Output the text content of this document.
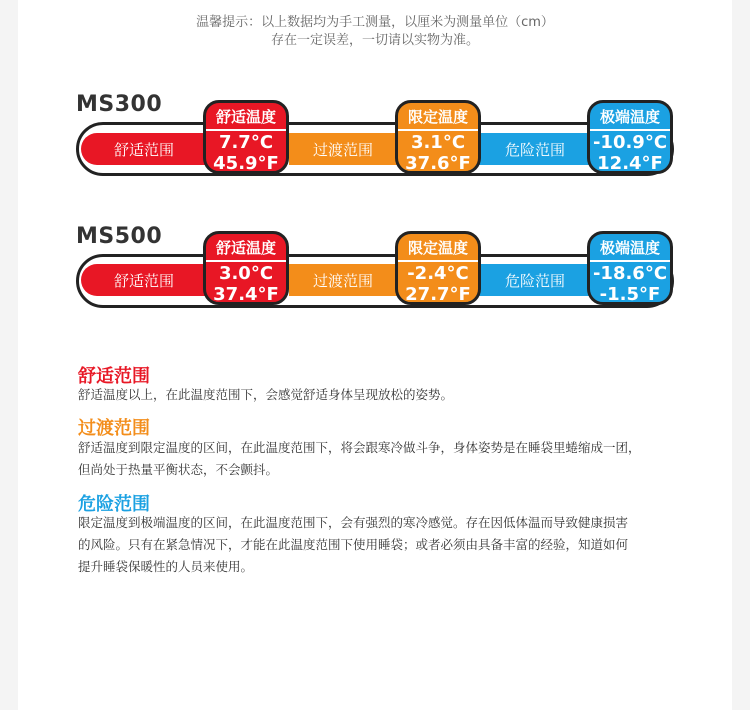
温馨提示：以上数据均为手工测量，以厘米为测量单位（cm）
存在一定误差，一切请以实物为准。
MS300
舒适范围	过渡范围	危险范围
舒适温度
7.7°C
45.9°F
限定温度
3.1°C
37.6°F
极端温度
-10.9°C
12.4°F
MS500
舒适范围	过渡范围	危险范围
舒适温度
3.0°C
37.4°F
限定温度
-2.4°C
27.7°F
极端温度
-18.6°C
-1.5°F
舒适范围
舒适温度以上，在此温度范围下，会感觉舒适身体呈现放松的姿势。
过渡范围
舒适温度到限定温度的区间，在此温度范围下，将会跟寒冷做斗争，身体姿势是在睡袋里蜷缩成一团，
但尚处于热量平衡状态，不会颤抖。
危险范围
限定温度到极端温度的区间，在此温度范围下，会有强烈的寒冷感觉。存在因低体温而导致健康损害
的风险。只有在紧急情况下，才能在此温度范围下使用睡袋；或者必须由具备丰富的经验，知道如何
提升睡袋保暖性的人员来使用。
